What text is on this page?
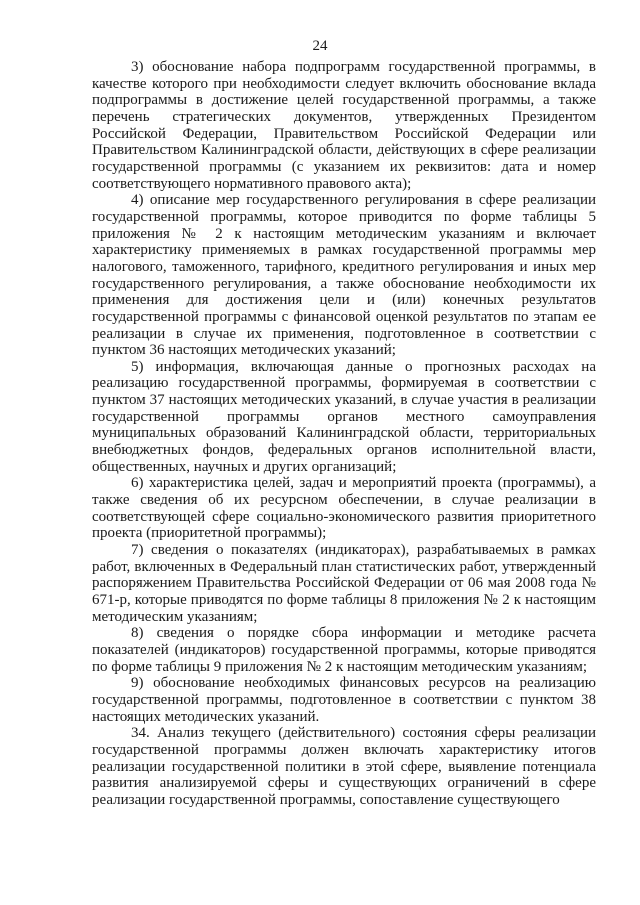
24

3) обоснование набора подпрограмм государственной программы, в качестве которого при необходимости следует включить обоснование вклада подпрограммы в достижение целей государственной программы, а также перечень стратегических документов, утвержденных Президентом Российской Федерации, Правительством Российской Федерации или Правительством Калининградской области, действующих в сфере реализации государственной программы (с указанием их реквизитов: дата и номер соответствующего нормативного правового акта);

4) описание мер государственного регулирования в сфере реализации государственной программы, которое приводится по форме таблицы 5 приложения № 2 к настоящим методическим указаниям и включает характеристику применяемых в рамках государственной программы мер налогового, таможенного, тарифного, кредитного регулирования и иных мер государственного регулирования, а также обоснование необходимости их применения для достижения цели и (или) конечных результатов государственной программы с финансовой оценкой результатов по этапам ее реализации в случае их применения, подготовленное в соответствии с пунктом 36 настоящих методических указаний;

5) информация, включающая данные о прогнозных расходах на реализацию государственной программы, формируемая в соответствии с пунктом 37 настоящих методических указаний, в случае участия в реализации государственной программы органов местного самоуправления муниципальных образований Калининградской области, территориальных внебюджетных фондов, федеральных органов исполнительной власти, общественных, научных и других организаций;

6) характеристика целей, задач и мероприятий проекта (программы), а также сведения об их ресурсном обеспечении, в случае реализации в соответствующей сфере социально-экономического развития приоритетного проекта (приоритетной программы);

7) сведения о показателях (индикаторах), разрабатываемых в рамках работ, включенных в Федеральный план статистических работ, утвержденный распоряжением Правительства Российской Федерации от 06 мая 2008 года № 671-р, которые приводятся по форме таблицы 8 приложения № 2 к настоящим методическим указаниям;

8) сведения о порядке сбора информации и методике расчета показателей (индикаторов) государственной программы, которые приводятся по форме таблицы 9 приложения № 2 к настоящим методическим указаниям;

9) обоснование необходимых финансовых ресурсов на реализацию государственной программы, подготовленное в соответствии с пунктом 38 настоящих методических указаний.

34. Анализ текущего (действительного) состояния сферы реализации государственной программы должен включать характеристику итогов реализации государственной политики в этой сфере, выявление потенциала развития анализируемой сферы и существующих ограничений в сфере реализации государственной программы, сопоставление существующего
